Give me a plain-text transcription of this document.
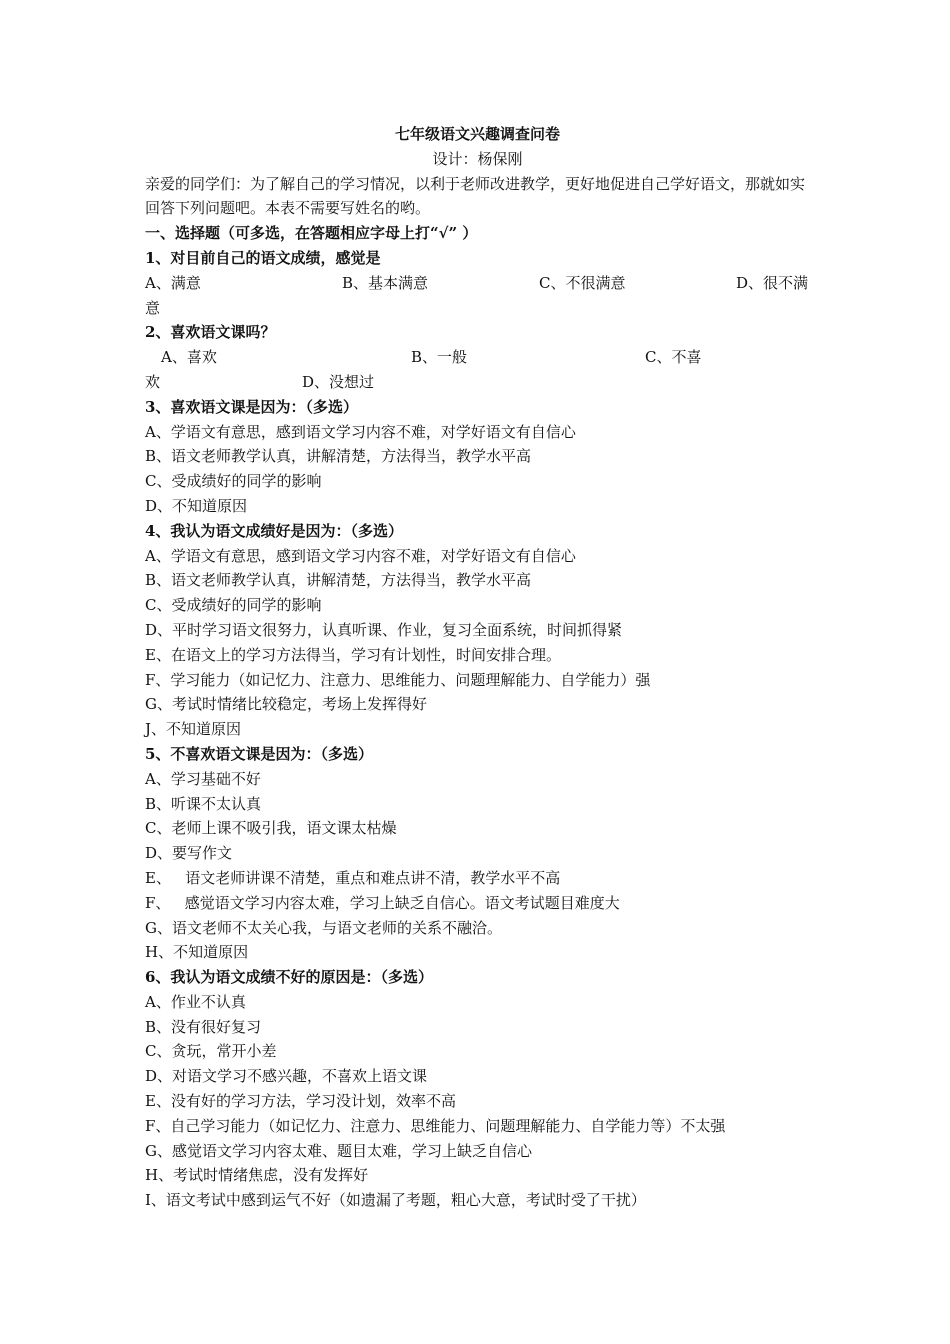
七年级语文兴趣调查问卷
设计：杨保刚
亲爱的同学们：为了解自己的学习情况，以利于老师改进教学，更好地促进自己学好语文，那就如实回答下列问题吧。本表不需要写姓名的哟。
一、选择题（可多选，在答题相应字母上打“√” ）
1、对目前自己的语文成绩，感觉是
A、满意	B、基本满意	C、不很满意	D、很不满
意
2、喜欢语文课吗？
A、喜欢	B、一般	C、不喜
欢	D、没想过
3、喜欢语文课是因为：（多选）
A、学语文有意思，感到语文学习内容不难，对学好语文有自信心
B、语文老师教学认真，讲解清楚，方法得当，教学水平高
C、受成绩好的同学的影响
D、不知道原因
4、我认为语文成绩好是因为：（多选）
A、学语文有意思，感到语文学习内容不难，对学好语文有自信心
B、语文老师教学认真，讲解清楚，方法得当，教学水平高
C、受成绩好的同学的影响
D、平时学习语文很努力，认真听课、作业，复习全面系统，时间抓得紧
E、在语文上的学习方法得当，学习有计划性，时间安排合理。
F、学习能力（如记忆力、注意力、思维能力、问题理解能力、自学能力）强
G、考试时情绪比较稳定，考场上发挥得好
J、不知道原因
5、不喜欢语文课是因为：（多选）
A、学习基础不好
B、听课不太认真
C、老师上课不吸引我，语文课太枯燥
D、要写作文
E、   语文老师讲课不清楚，重点和难点讲不清，教学水平不高
F、   感觉语文学习内容太难，学习上缺乏自信心。语文考试题目难度大
G、语文老师不太关心我，与语文老师的关系不融洽。
H、不知道原因
6、我认为语文成绩不好的原因是：（多选）
A、作业不认真
B、没有很好复习
C、贪玩，常开小差
D、对语文学习不感兴趣，不喜欢上语文课
E、没有好的学习方法，学习没计划，效率不高
F、自己学习能力（如记忆力、注意力、思维能力、问题理解能力、自学能力等）不太强
G、感觉语文学习内容太难、题目太难，学习上缺乏自信心
H、考试时情绪焦虑，没有发挥好
I、语文考试中感到运气不好（如遗漏了考题，粗心大意，考试时受了干扰）
